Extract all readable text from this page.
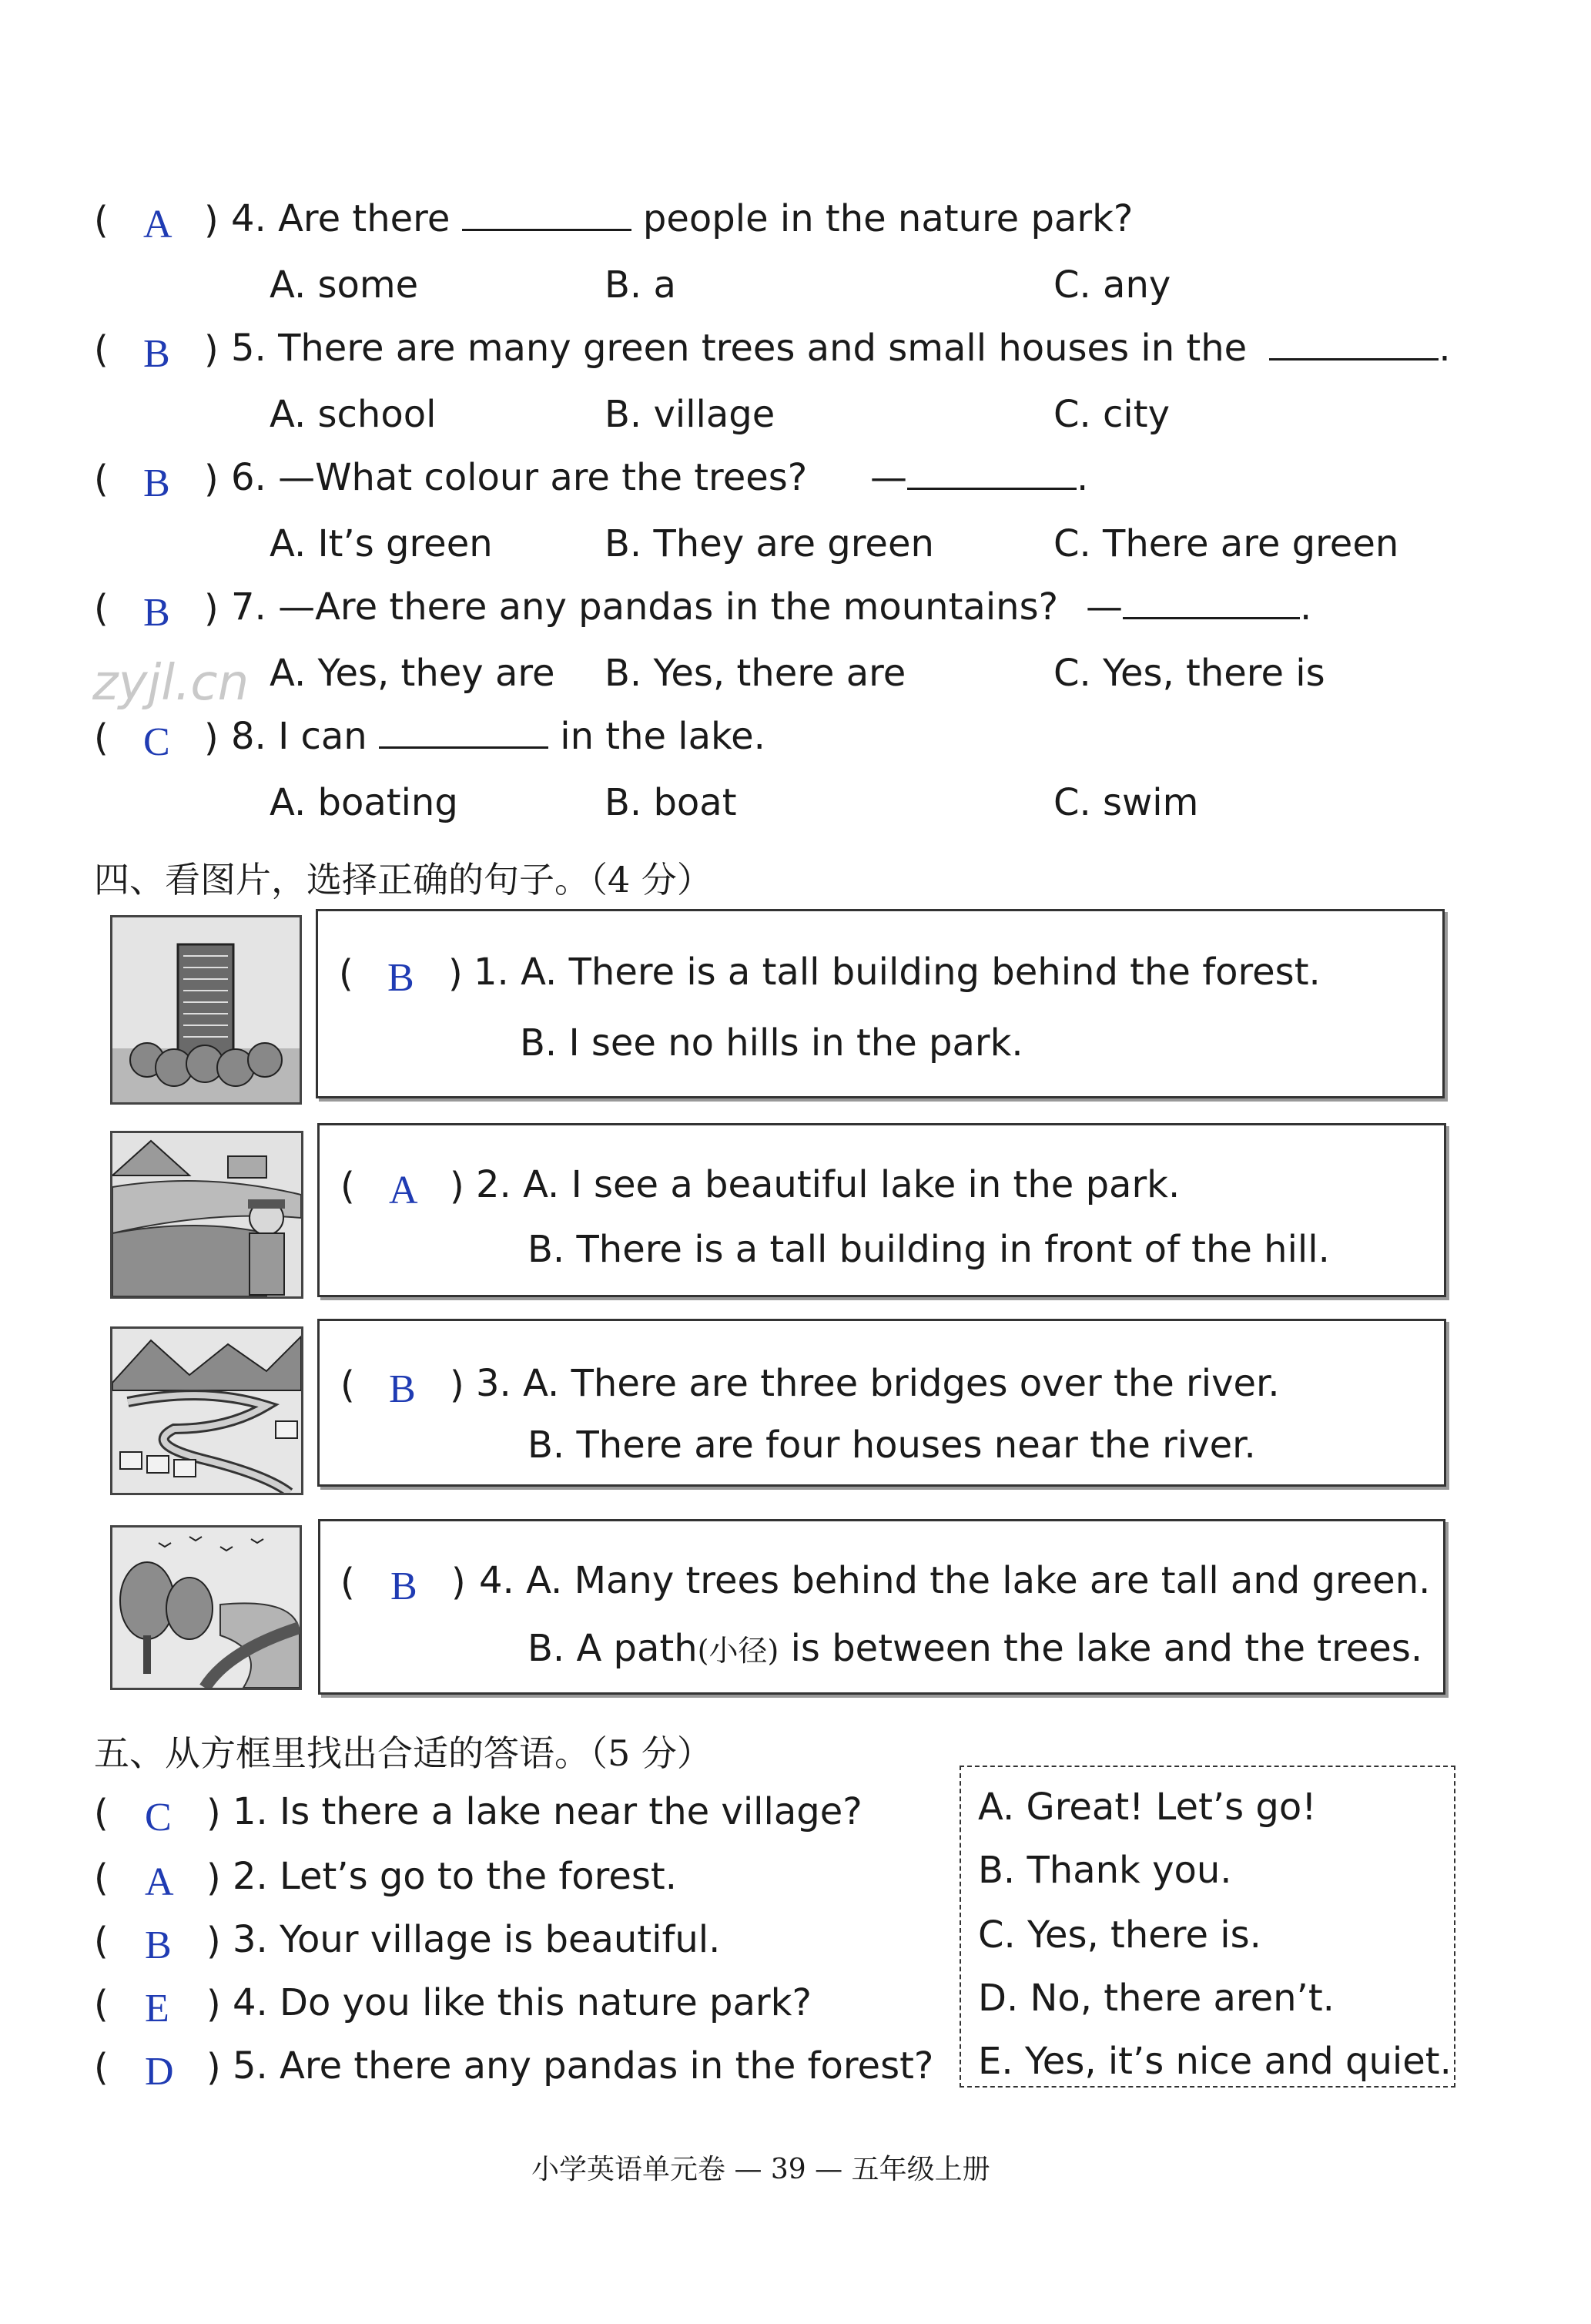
( A ) 4. Are there	people in the nature park?
A. some	B. a	C. any
( B ) 5. There are many green trees and small houses in the	.
A. school	B. village	C. city
( B ) 6. —What colour are the trees? —	.
A. It’s green	B. They are green	C. There are green
( B ) 7. —Are there any pandas in the mountains? —	.
A. Yes, they are B. Yes, there are	C. Yes, there is
zyjl.cn
( C ) 8. I can	in the lake.
A. boating	B. boat	C. swim
四、看图片，选择正确的句子。（4 分）
( B ) 1. A. There is a tall building behind the forest.
B. I see no hills in the park.
( A ) 2. A. I see a beautiful lake in the park.
B. There is a tall building in front of the hill.
( B ) 3. A. There are three bridges over the river.
B. There are four houses near the river.
( B ) 4. A. Many trees behind the lake are tall and green.
B. A path(小径) is between the lake and the trees.
五、从方框里找出合适的答语。（5 分）
( C ) 1. Is there a lake near the village?
( A ) 2. Let’s go to the forest.
( B ) 3. Your village is beautiful.
( E ) 4. Do you like this nature park?
( D ) 5. Are there any pandas in the forest?
A. Great! Let’s go!
B. Thank you.
C. Yes, there is.
D. No, there aren’t.
E. Yes, it’s nice and quiet.
小学英语单元卷 — 39 — 五年级上册
